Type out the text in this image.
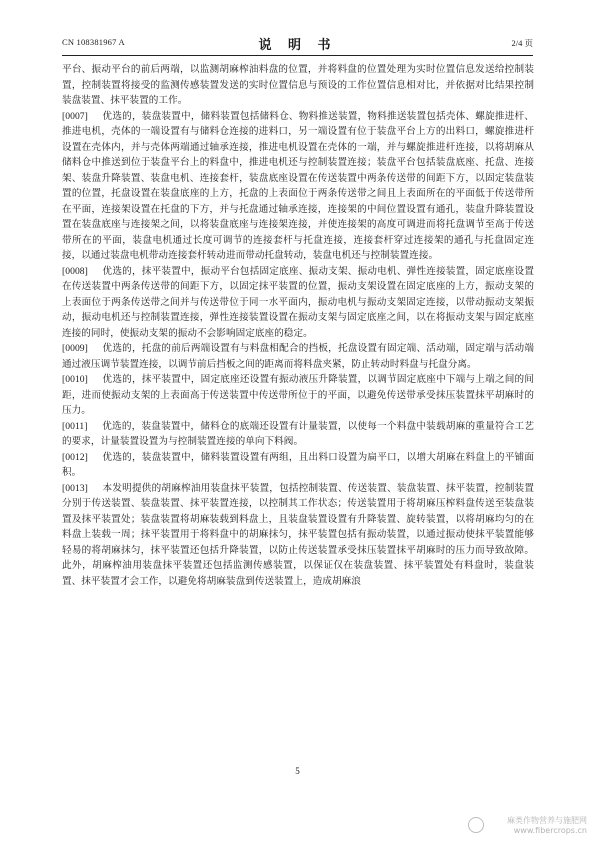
CN 108381967 A	说 明 书	2/4 页

平台、振动平台的前后两端，以监测胡麻榨油料盘的位置，并将料盘的位置处理为实时位置信息发送给控制装置，控制装置将接受的监测传感装置发送的实时位置信息与预设的工作位置信息相对比，并依据对比结果控制装盘装置、抹平装置的工作。

[0007]   优选的，装盘装置中，储料装置包括储料仓、物料推送装置，物料推送装置包括壳体、螺旋推进杆、推进电机，壳体的一端设置有与储料仓连接的进料口，另一端设置有位于装盘平台上方的出料口，螺旋推进杆设置在壳体内，并与壳体两端通过轴承连接，推进电机设置在壳体的一端，并与螺旋推进杆连接，以将胡麻从储料仓中推送到位于装盘平台上的料盘中，推进电机还与控制装置连接；装盘平台包括装盘底座、托盘、连接架、装盘升降装置、装盘电机、连接套杆，装盘底座设置在传送装置中两条传送带的间距下方，以固定装盘装置的位置，托盘设置在装盘底座的上方，托盘的上表面位于两条传送带之间且上表面所在的平面低于传送带所在平面，连接架设置在托盘的下方，并与托盘通过轴承连接，连接架的中间位置设置有通孔，装盘升降装置设置在装盘底座与连接架之间，以将装盘底座与连接架连接，并使连接架的高度可调进而将托盘调节至高于传送带所在的平面，装盘电机通过长度可调节的连接套杆与托盘连接，连接套杆穿过连接架的通孔与托盘固定连接，以通过装盘电机带动连接套杆转动进而带动托盘转动，装盘电机还与控制装置连接。

[0008]   优选的，抹平装置中，振动平台包括固定底座、振动支架、振动电机、弹性连接装置，固定底座设置在传送装置中两条传送带的间距下方，以固定抹平装置的位置，振动支架设置在固定底座的上方，振动支架的上表面位于两条传送带之间并与传送带位于同一水平面内，振动电机与振动支架固定连接，以带动振动支架振动，振动电机还与控制装置连接，弹性连接装置设置在振动支架与固定底座之间，以在将振动支架与固定底座连接的同时，使振动支架的振动不会影响固定底座的稳定。

[0009]   优选的，托盘的前后两端设置有与料盘相配合的挡板，托盘设置有固定端、活动端，固定端与活动端通过液压调节装置连接，以调节前后挡板之间的距离而将料盘夹紧，防止转动时料盘与托盘分离。

[0010]   优选的，抹平装置中，固定底座还设置有振动液压升降装置，以调节固定底座中下端与上端之间的间距，进而使振动支架的上表面高于传送装置中传送带所位于的平面，以避免传送带承受抹压装置抹平胡麻时的压力。

[0011]   优选的，装盘装置中，储料仓的底端还设置有计量装置，以使每一个料盘中装载胡麻的重量符合工艺的要求，计量装置设置为与控制装置连接的单向下料阀。

[0012]   优选的，装盘装置中，储料装置设置有两组，且出料口设置为扁平口，以增大胡麻在料盘上的平铺面积。

[0013]   本发明提供的胡麻榨油用装盘抹平装置，包括控制装置、传送装置、装盘装置、抹平装置，控制装置分别于传送装置、装盘装置、抹平装置连接，以控制其工作状态；传送装置用于将胡麻压榨料盘传送至装盘装置及抹平装置处；装盘装置将胡麻装载到料盘上，且装盘装置设置有升降装置、旋转装置，以将胡麻均匀的在料盘上装载一周；抹平装置用于将料盘中的胡麻抹匀，抹平装置包括有振动装置，以通过振动使抹平装置能够轻易的将胡麻抹匀，抹平装置还包括升降装置，以防止传送装置承受抹压装置抹平胡麻时的压力而导致故障。此外，胡麻榨油用装盘抹平装置还包括监测传感装置，以保证仅在装盘装置、抹平装置处有料盘时，装盘装置、抹平装置才会工作，以避免将胡麻装盘到传送装置上，造成胡麻浪

5
麻类作物营养与施肥网
www.fibercrops.cn
